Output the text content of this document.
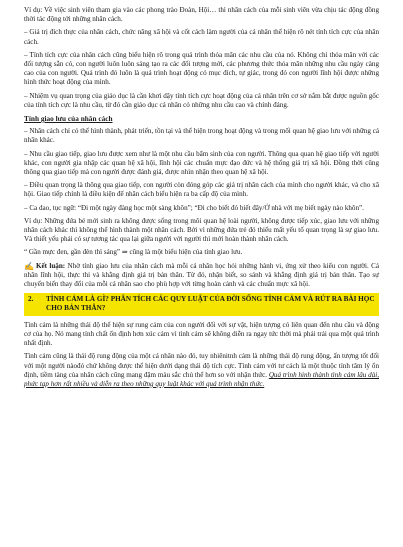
Ví dụ: Về việc sinh viên tham gia vào các phong trào Đoàn, Hội… thì nhân cách của mỗi sinh viên vừa chịu tác động đồng thời tác động tới những nhân cách.

– Giá trị đích thực của nhân cách, chức năng xã hội và cốt cách làm người của cá nhân thể hiện rõ nét tính tích cực của nhân cách.

– Tính tích cực của nhân cách cũng biểu hiện rõ trong quá trình thỏa mãn các nhu cầu của nó. Không chỉ thỏa mãn với các đối tượng sẵn có, con người luôn luôn sáng tạo ra các đối tượng mới, các phương thức thỏa mãn những nhu cầu ngày càng cao của con người. Quá trình đó luôn là quá trình hoạt động có mục đích, tự giác, trong đó con người lĩnh hội được những hình thức hoạt động của mình.

– Nhiệm vụ quan trọng của giáo dục là cần khơi dậy tính tích cực hoạt động của cá nhân trên cơ sở nắm bắt được nguồn gốc của tính tích cực là nhu cầu, từ đó cần giáo dục cá nhân có những nhu cầu cao và chính đáng.

Tính giao lưu của nhân cách

– Nhân cách chỉ có thể hình thành, phát triển, tồn tại và thể hiện trong hoạt động và trong mối quan hệ giao lưu với những cá nhân khác.

– Nhu cầu giao tiếp, giao lưu được xem như là một nhu cầu bẩm sinh của con người. Thông qua quan hệ giao tiếp với người khác, con người gia nhập các quan hệ xã hội, lĩnh hội các chuẩn mực đạo đức và hệ thống giá trị xã hội. Đồng thời cũng thông qua giao tiếp mà con người được đánh giá, được nhìn nhận theo quan hệ xã hội.

– Điều quan trọng là thông qua giao tiếp, con người còn đóng góp các giá trị nhân cách của mình cho người khác, và cho xã hội. Giao tiếp chính là điều kiện để nhân cách biểu hiện ra ba cấp độ của mình.

– Ca dao, tục ngữ: “Đi một ngày đàng học một sàng khôn”; “Đi cho biết đó biết đây/Ở nhà với mẹ biết ngày nào khôn”.

Ví dụ: Những đứa bé mới sinh ra không được sống trong môi quan hệ loài người, không được tiếp xúc, giao lưu với những nhân cách khác thì không thể hình thành một nhân cách. Bởi vì những đứa trẻ đó thiếu mất yếu tố quan trọng là sự giao lưu. Và thiết yếu phải có sự tương tác qua lại giữa người với người thì mới hoàn thành nhân cách.

“ Gần mực đen, gần đèn thì sáng” ⇒ cũng là một biểu hiện của tính giao lưu.

✍ Kết luận: Nhờ tính giao lưu của nhân cách mà mỗi cá nhân học hỏi những hành vi, ứng xử theo kiểu con người. Cá nhân lĩnh hội, thực thi và khẳng định giá trị bản thân. Từ đó, nhận biết, so sánh và khẳng định giá trị bản thân. Tạo sự chuyển biến thay đổi của mỗi cá nhân sao cho phù hợp với từng hoàn cảnh và các chuẩn mực xã hội.

2.	TÌNH CẢM LÀ GÌ? PHÂN TÍCH CÁC QUY LUẬT CỦA ĐỜI SỐNG TÌNH CẢM VÀ RÚT RA BÀI HỌC CHO BẢN THÂN?

Tình cảm là những thái độ thể hiện sự rung cảm của con người đối với sự vật, hiện tượng có liên quan đến nhu cầu và động cơ của họ. Nó mang tính chất ổn định hơn xúc cảm vì tình cảm sẽ không diễn ra ngay tức thời mà phải trải qua một quá trình nhất định.

Tình cảm cũng là thái độ rung động của một cá nhân nào đó, tuy nhiênitnh cảm là những thái độ rung động, ấn tượng tốt đối với một người nàođó chứ không được thể hiện dưới dạng thái độ tích cực. Tình cảm với tư cách là một thuộc tính tâm lý ổn định, tiềm tàng của nhân cách cũng mang đậm màu sắc chủ thể hơn so với nhận thức. Quá trình hình thành tình cảm lâu dài, phức tạp hơn rất nhiều và diễn ra theo những quy luật khác với quá trình nhận thức.
